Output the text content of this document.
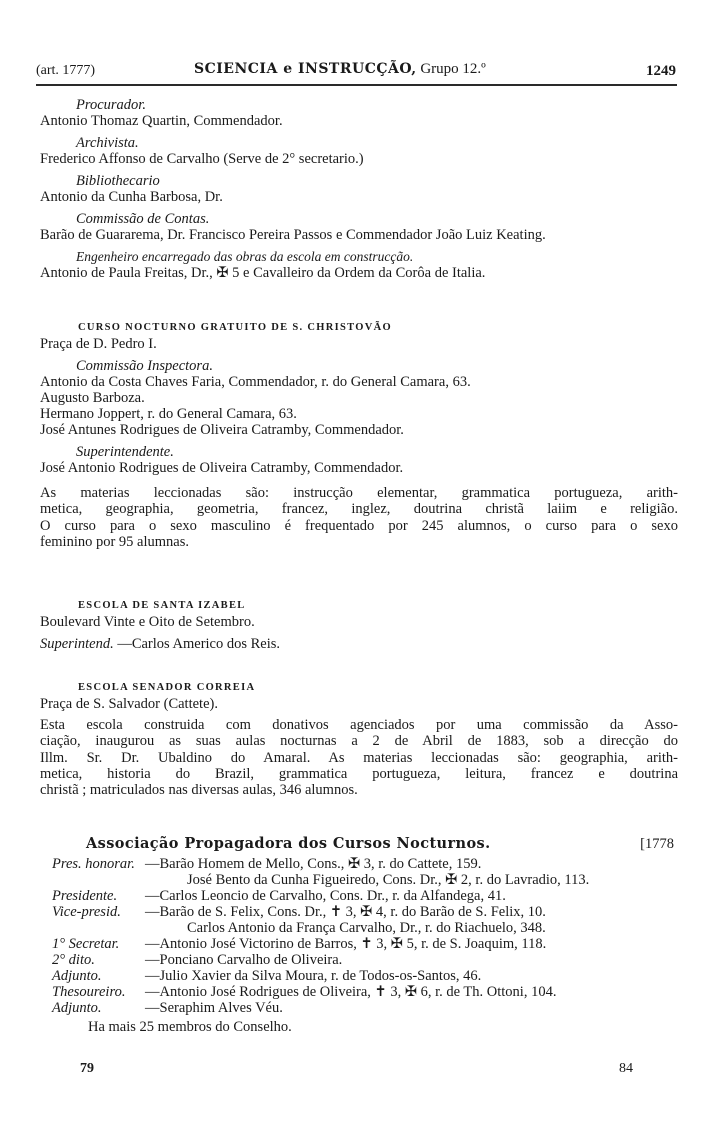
(art. 1777)	SCIENCIA e INSTRUCÇÃO, Grupo 12.º	1249
Procurador.
Antonio Thomaz Quartin, Commendador.
Archivista.
Frederico Affonso de Carvalho (Serve de 2° secretario.)
Bibliothecario
Antonio da Cunha Barbosa, Dr.
Commissão de Contas.
Barão de Guararema, Dr. Francisco Pereira Passos e Commendador João Luiz Keating.
Engenheiro encarregado das obras da escola em construcção.
Antonio de Paula Freitas, Dr., ✠ 5 e Cavalleiro da Ordem da Corôa de Italia.
CURSO NOCTURNO GRATUITO DE S. CHRISTOVÃO
Praça de D. Pedro I.
Commissão Inspectora.
Antonio da Costa Chaves Faria, Commendador, r. do General Camara, 63.
Augusto Barboza.
Hermano Joppert, r. do General Camara, 63.
José Antunes Rodrigues de Oliveira Catramby, Commendador.
Superintendente.
José Antonio Rodrigues de Oliveira Catramby, Commendador.
As materias leccionadas são: instrucção elementar, grammatica portugueza, arith-
metica, geographia, geometria, francez, inglez, doutrina christã laiim e religião.
O curso para o sexo masculino é frequentado por 245 alumnos, o curso para o sexo
feminino por 95 alumnas.
ESCOLA DE SANTA IZABEL
Boulevard Vinte e Oito de Setembro.
Superintend. —Carlos Americo dos Reis.
ESCOLA SENADOR CORREIA
Praça de S. Salvador (Cattete).
Esta escola construida com donativos agenciados por uma commissão da Asso-
ciação, inaugurou as suas aulas nocturnas a 2 de Abril de 1883, sob a direcção do
Illm. Sr. Dr. Ubaldino do Amaral. As materias leccionadas são: geographia, arith-
metica, historia do Brazil, grammatica portugueza, leitura, francez e doutrina
christã ; matriculados nas diversas aulas, 346 alumnos.
Associação Propagadora dos Cursos Nocturnos.	[1778
Pres. honorar. —Barão Homem de Mello, Cons., ✠ 3, r. do Cattete, 159.
José Bento da Cunha Figueiredo, Cons. Dr., ✠ 2, r. do Lavradio, 113.
Presidente. —Carlos Leoncio de Carvalho, Cons. Dr., r. da Alfandega, 41.
Vice-presid. —Barão de S. Felix, Cons. Dr., ✝ 3, ✠ 4, r. do Barão de S. Felix, 10.
Carlos Antonio da França Carvalho, Dr., r. do Riachuelo, 348.
1° Secretar. —Antonio José Victorino de Barros, ✝ 3, ✠ 5, r. de S. Joaquim, 118.
2° dito.	—Ponciano Carvalho de Oliveira.
Adjunto.	—Julio Xavier da Silva Moura, r. de Todos-os-Santos, 46.
Thesoureiro. —Antonio José Rodrigues de Oliveira, ✝ 3, ✠ 6, r. de Th. Ottoni, 104.
Adjunto.	—Seraphim Alves Véu.
Ha mais 25 membros do Conselho.
79	84
